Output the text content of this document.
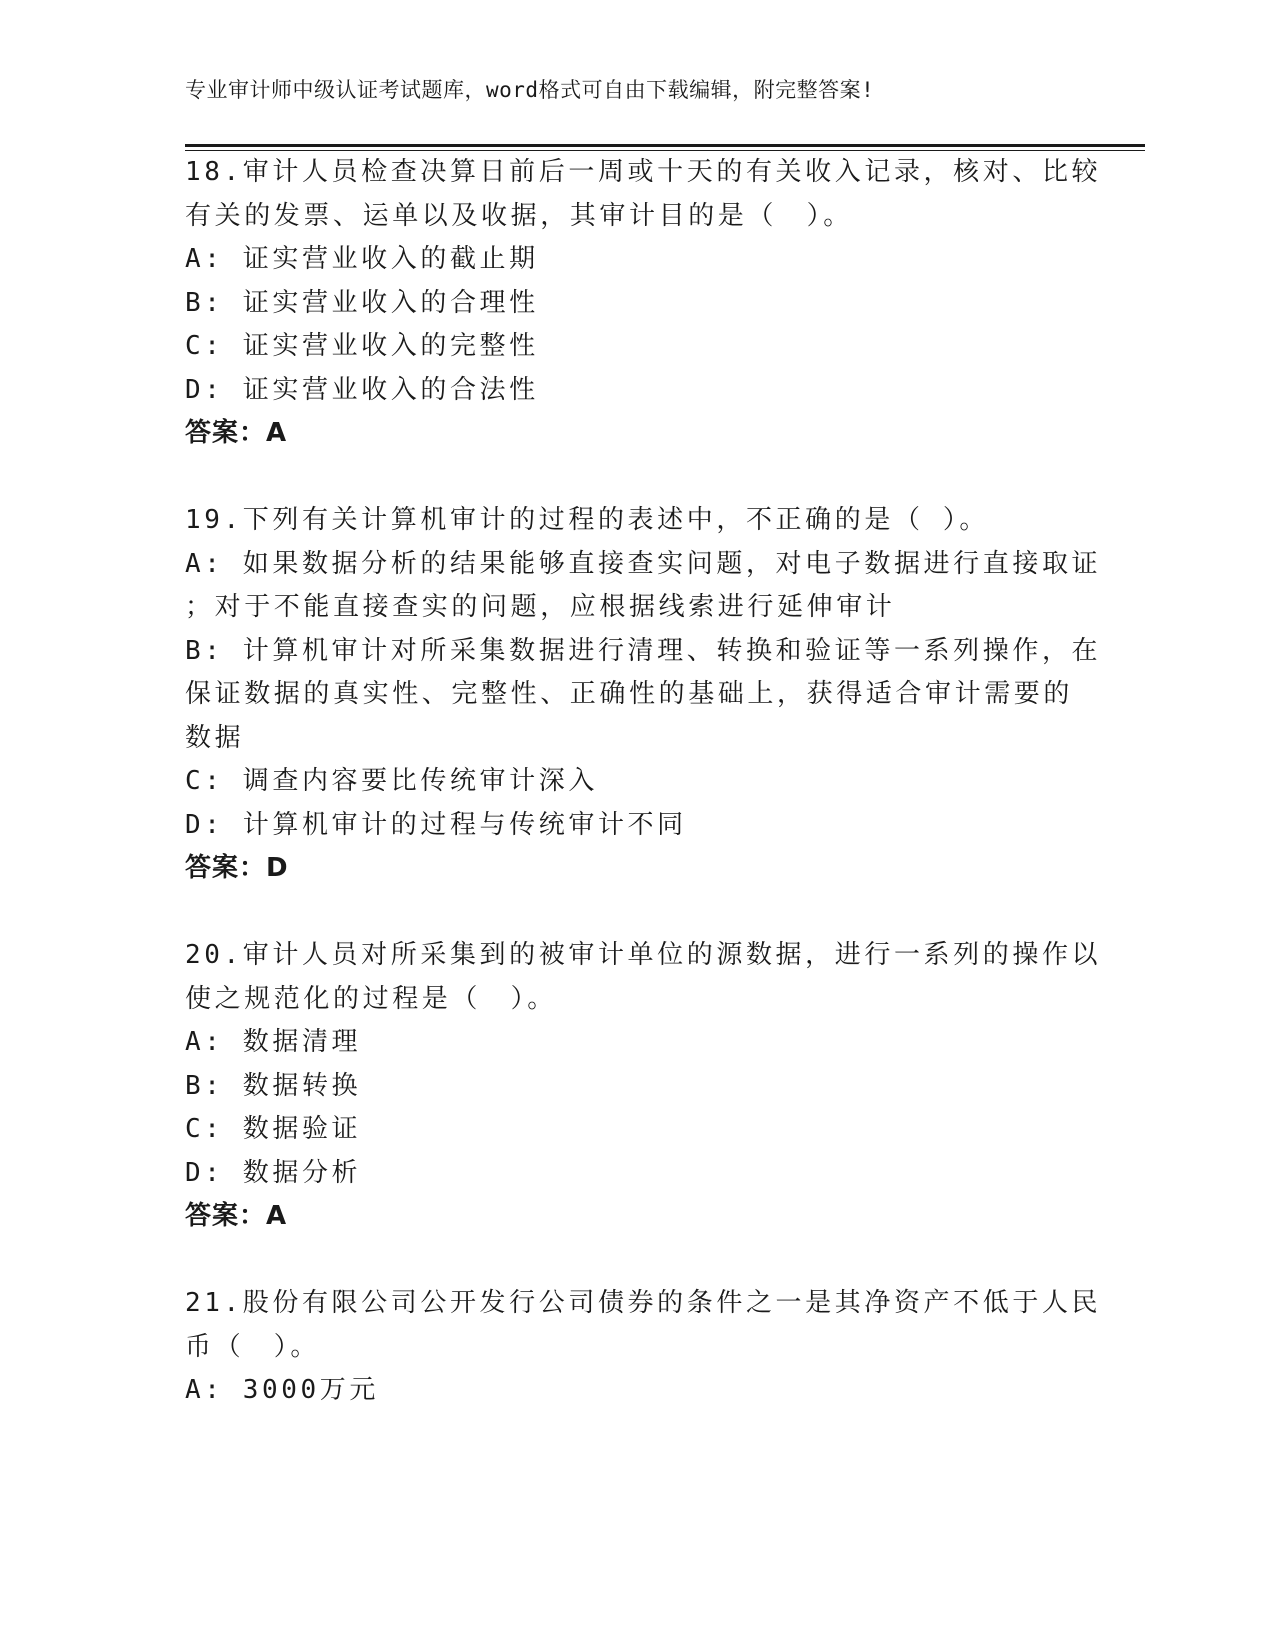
专业审计师中级认证考试题库，word格式可自由下载编辑，附完整答案!
18.审计人员检查决算日前后一周或十天的有关收入记录，核对、比较
有关的发票、运单以及收据，其审计目的是（　）。
A: 证实营业收入的截止期
B: 证实营业收入的合理性
C: 证实营业收入的完整性
D: 证实营业收入的合法性
答案：A
19.下列有关计算机审计的过程的表述中，不正确的是（ ）。
A: 如果数据分析的结果能够直接查实问题，对电子数据进行直接取证
；对于不能直接查实的问题，应根据线索进行延伸审计
B: 计算机审计对所采集数据进行清理、转换和验证等一系列操作，在
保证数据的真实性、完整性、正确性的基础上，获得适合审计需要的
数据
C: 调查内容要比传统审计深入
D: 计算机审计的过程与传统审计不同
答案：D
20.审计人员对所采集到的被审计单位的源数据，进行一系列的操作以
使之规范化的过程是（　）。
A: 数据清理
B: 数据转换
C: 数据验证
D: 数据分析
答案：A
21.股份有限公司公开发行公司债券的条件之一是其净资产不低于人民
币（　）。
A: 3000万元
